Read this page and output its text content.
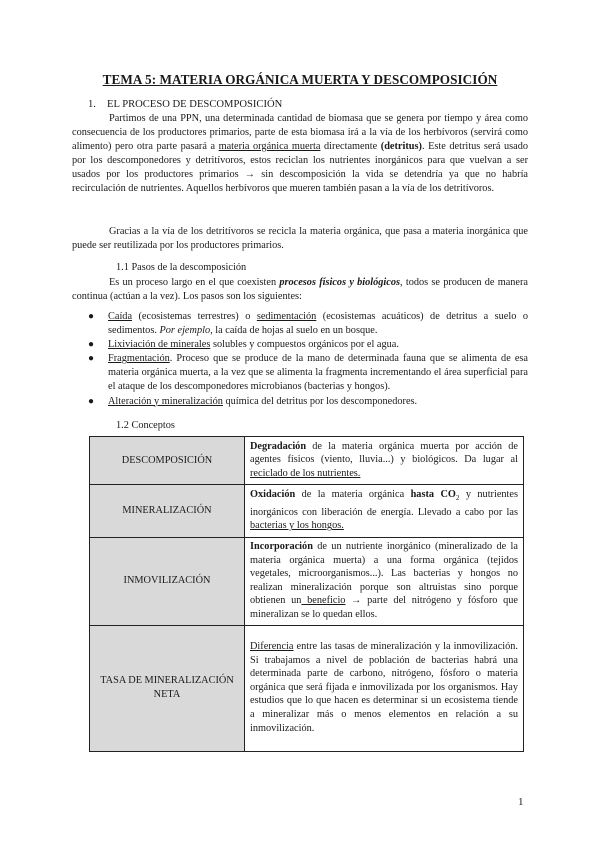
TEMA 5: MATERIA ORGÁNICA MUERTA Y DESCOMPOSICIÓN
1. EL PROCESO DE DESCOMPOSICIÓN
Partimos de una PPN, una determinada cantidad de biomasa que se genera por tiempo y área como consecuencia de los productores primarios, parte de esta biomasa irá a la vía de los herbívoros (servirá como alimento) pero otra parte pasará a materia orgánica muerta directamente (detritus). Este detritus será usado por los descomponedores y detritívoros, estos reciclan los nutrientes inorgánicos para que vuelvan a ser usados por los productores primarios → sin descomposición la vida se detendría ya que no habría recirculación de nutrientes. Aquellos herbívoros que mueren también pasan a la vía de los detritívoros.
Gracias a la vía de los detritívoros se recicla la materia orgánica, que pasa a materia inorgánica que puede ser reutilizada por los productores primarios.
1.1 Pasos de la descomposición
Es un proceso largo en el que coexisten procesos físicos y biológicos, todos se producen de manera continua (actúan a la vez). Los pasos son los siguientes:
● Caída (ecosistemas terrestres) o sedimentación (ecosistemas acuáticos) de detritus a suelo o sedimentos. Por ejemplo, la caída de hojas al suelo en un bosque.
● Lixiviación de minerales solubles y compuestos orgánicos por el agua.
● Fragmentación. Proceso que se produce de la mano de determinada fauna que se alimenta de esa materia orgánica muerta, a la vez que se alimenta la fragmenta incrementando el área superficial para el ataque de los descomponedores microbianos (bacterias y hongos).
● Alteración y mineralización química del detritus por los descomponedores.
1.2 Conceptos
DESCOMPOSICIÓN	Degradación de la materia orgánica muerta por acción de agentes físicos (viento, lluvia...) y biológicos. Da lugar al reciclado de los nutrientes.
MINERALIZACIÓN	Oxidación de la materia orgánica hasta $CO_2$ y nutrientes inorgánicos con liberación de energía. Llevado a cabo por las bacterias y los hongos.
INMOVILIZACIÓN	Incorporación de un nutriente inorgánico (mineralizado de la materia orgánica muerta) a una forma orgánica (tejidos vegetales, microorganismos...). Las bacterias y hongos no realizan mineralización porque son altruistas sino porque obtienen un beneficio → parte del nitrógeno y fósforo que mineralizan se lo quedan ellos.
TASA DE MINERALIZACIÓN NETA	Diferencia entre las tasas de mineralización y la inmovilización. Si trabajamos a nivel de población de bacterias habrá una determinada parte de carbono, nitrógeno, fósforo o materia orgánica que será fijada e inmovilizada por los organismos. Hay estudios que lo que hacen es determinar si un ecosistema tiende a mineralizar más o menos elementos en relación a su inmovilización.
1
